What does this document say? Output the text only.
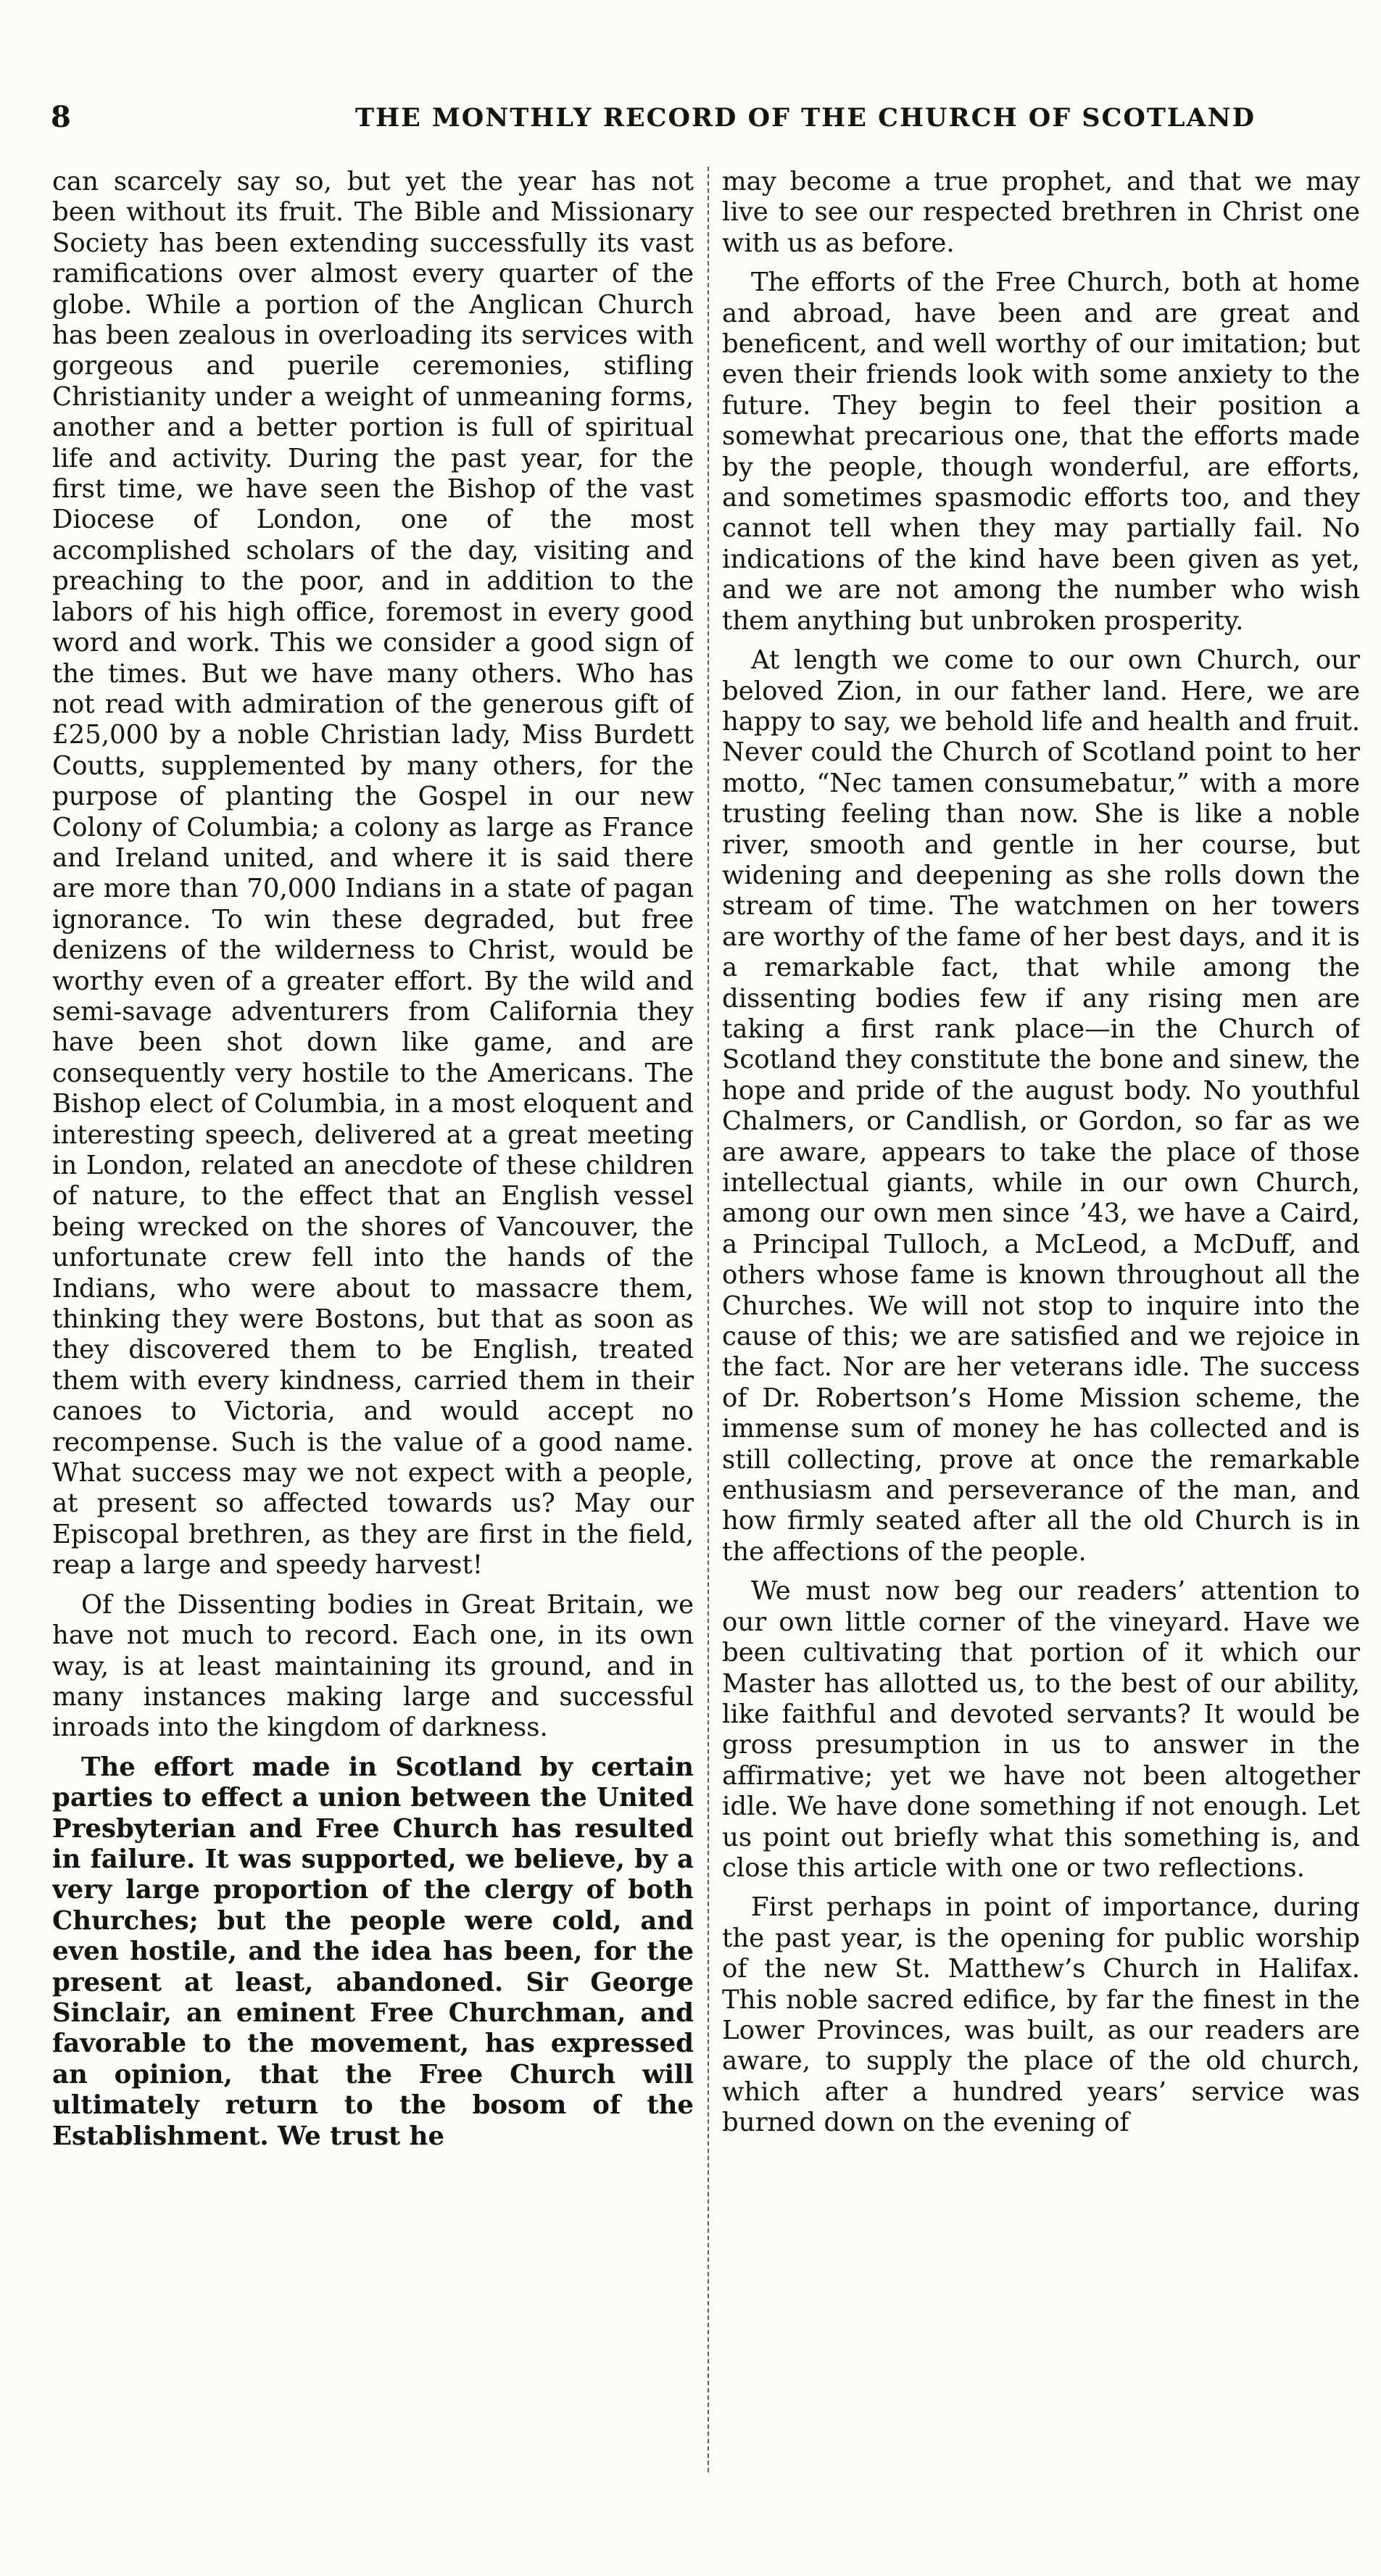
8	THE MONTHLY RECORD OF THE CHURCH OF SCOTLAND

can scarcely say so, but yet the year has not been without its fruit. The Bible and Missionary Society has been extending successfully its vast ramifications over almost every quarter of the globe. While a portion of the Anglican Church has been zealous in overloading its services with gorgeous and puerile ceremonies, stifling Christianity under a weight of unmeaning forms, another and a better portion is full of spiritual life and activity. During the past year, for the first time, we have seen the Bishop of the vast Diocese of London, one of the most accomplished scholars of the day, visiting and preaching to the poor, and in addition to the labors of his high office, foremost in every good word and work. This we consider a good sign of the times. But we have many others. Who has not read with admiration of the generous gift of £25,000 by a noble Christian lady, Miss Burdett Coutts, supplemented by many others, for the purpose of planting the Gospel in our new Colony of Columbia; a colony as large as France and Ireland united, and where it is said there are more than 70,000 Indians in a state of pagan ignorance. To win these degraded, but free denizens of the wilderness to Christ, would be worthy even of a greater effort. By the wild and semi-savage adventurers from California they have been shot down like game, and are consequently very hostile to the Americans. The Bishop elect of Columbia, in a most eloquent and interesting speech, delivered at a great meeting in London, related an anecdote of these children of nature, to the effect that an English vessel being wrecked on the shores of Vancouver, the unfortunate crew fell into the hands of the Indians, who were about to massacre them, thinking they were Bostons, but that as soon as they discovered them to be English, treated them with every kindness, carried them in their canoes to Victoria, and would accept no recompense. Such is the value of a good name. What success may we not expect with a people, at present so affected towards us? May our Episcopal brethren, as they are first in the field, reap a large and speedy harvest!

Of the Dissenting bodies in Great Britain, we have not much to record. Each one, in its own way, is at least maintaining its ground, and in many instances making large and successful inroads into the kingdom of darkness.

The effort made in Scotland by certain parties to effect a union between the United Presbyterian and Free Church has resulted in failure. It was supported, we believe, by a very large proportion of the clergy of both Churches; but the people were cold, and even hostile, and the idea has been, for the present at least, abandoned. Sir George Sinclair, an eminent Free Churchman, and favorable to the movement, has expressed an opinion, that the Free Church will ultimately return to the bosom of the Establishment. We trust he

may become a true prophet, and that we may live to see our respected brethren in Christ one with us as before.

The efforts of the Free Church, both at home and abroad, have been and are great and beneficent, and well worthy of our imitation; but even their friends look with some anxiety to the future. They begin to feel their position a somewhat precarious one, that the efforts made by the people, though wonderful, are efforts, and sometimes spasmodic efforts too, and they cannot tell when they may partially fail. No indications of the kind have been given as yet, and we are not among the number who wish them anything but unbroken prosperity.

At length we come to our own Church, our beloved Zion, in our father land. Here, we are happy to say, we behold life and health and fruit. Never could the Church of Scotland point to her motto, “Nec tamen consumebatur,” with a more trusting feeling than now. She is like a noble river, smooth and gentle in her course, but widening and deepening as she rolls down the stream of time. The watchmen on her towers are worthy of the fame of her best days, and it is a remarkable fact, that while among the dissenting bodies few if any rising men are taking a first rank place—in the Church of Scotland they constitute the bone and sinew, the hope and pride of the august body. No youthful Chalmers, or Candlish, or Gordon, so far as we are aware, appears to take the place of those intellectual giants, while in our own Church, among our own men since ’43, we have a Caird, a Principal Tulloch, a McLeod, a McDuff, and others whose fame is known throughout all the Churches. We will not stop to inquire into the cause of this; we are satisfied and we rejoice in the fact. Nor are her veterans idle. The success of Dr. Robertson’s Home Mission scheme, the immense sum of money he has collected and is still collecting, prove at once the remarkable enthusiasm and perseverance of the man, and how firmly seated after all the old Church is in the affections of the people.

We must now beg our readers’ attention to our own little corner of the vineyard. Have we been cultivating that portion of it which our Master has allotted us, to the best of our ability, like faithful and devoted servants? It would be gross presumption in us to answer in the affirmative; yet we have not been altogether idle. We have done something if not enough. Let us point out briefly what this something is, and close this article with one or two reflections.

First perhaps in point of importance, during the past year, is the opening for public worship of the new St. Matthew’s Church in Halifax. This noble sacred edifice, by far the finest in the Lower Provinces, was built, as our readers are aware, to supply the place of the old church, which after a hundred years’ service was burned down on the evening of
